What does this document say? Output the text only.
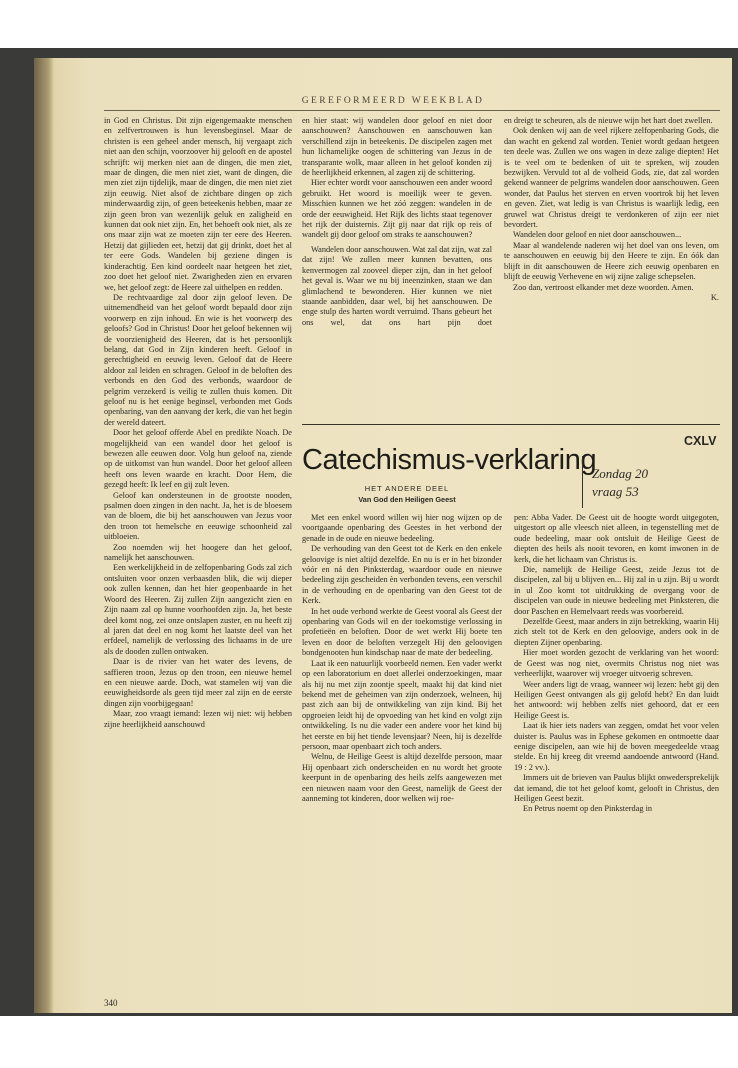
GEREFORMEERD WEEKBLAD

in God en Christus. Dit zijn eigengemaakte menschen en zelfvertrouwen is hun levensbeginsel. Maar de christen is een geheel ander mensch, hij vergaapt zich niet aan den schijn, voorzoover hij gelooft en de apostel schrijft: wij merken niet aan de dingen, die men ziet, maar de dingen, die men niet ziet, want de dingen, die men ziet zijn tijdelijk, maar de dingen, die men niet ziet zijn eeuwig. Niet alsof de zichtbare dingen op zich minderwaardig zijn, of geen beteekenis hebben, maar ze zijn geen bron van wezenlijk geluk en zaligheid en kunnen dat ook niet zijn. En, het behoeft ook niet, als ze ons maar zijn wat ze moeten zijn ter eere des Heeren. Hetzij dat gijlieden eet, hetzij dat gij drinkt, doet het al ter eere Gods. Wandelen bij geziene dingen is kinderachtig. Een kind oordeelt naar hetgeen het ziet, zoo doet het geloof niet. Zwarigheden zien en ervaren we, het geloof zegt: de Heere zal uithelpen en redden.

De rechtvaardige zal door zijn geloof leven. De uitnemendheid van het geloof wordt bepaald door zijn voorwerp en zijn inhoud. En wie is het voorwerp des geloofs? God in Christus! Door het geloof bekennen wij de voorzienigheid des Heeren, dat is het persoonlijk belang, dat God in Zijn kinderen heeft. Geloof in gerechtigheid en eeuwig leven. Geloof dat de Heere aldoor zal leiden en schragen. Geloof in de beloften des verbonds en den God des verbonds, waardoor de pelgrim verzekerd is veilig te zullen thuis komen. Dit geloof nu is het eenige beginsel, verbonden met Gods openbaring, van den aanvang der kerk, die van het begin der wereld dateert.

Door het geloof offerde Abel en predikte Noach. De mogelijkheid van een wandel door het geloof is bewezen alle eeuwen door. Volg hun geloof na, ziende op de uitkomst van hun wandel. Door het geloof alleen heeft ons leven waarde en kracht. Door Hem, die gezegd heeft: Ik leef en gij zult leven.

Geloof kan ondersteunen in de grootste nooden, psalmen doen zingen in den nacht. Ja, het is de bloesem van de bloem, die bij het aanschouwen van Jezus voor den troon tot hemelsche en eeuwige schoonheid zal uitbloeien.

Zoo noemden wij het hoogere dan het geloof, namelijk het aanschouwen.

Een werkelijkheid in de zelfopenbaring Gods zal zich ontsluiten voor onzen verbaasden blik, die wij dieper ook zullen kennen, dan het hier geopenbaarde in het Woord des Heeren. Zij zullen Zijn aangezicht zien en Zijn naam zal op hunne voorhoofden zijn. Ja, het beste deel komt nog, zei onze ontslapen zuster, en nu heeft zij al jaren dat deel en nog komt het laatste deel van het erfdeel, namelijk de verlossing des lichaams in de ure als de dooden zullen ontwaken.

Daar is de rivier van het water des levens, de saffieren troon, Jezus op den troon, een nieuwe hemel en een nieuwe aarde. Doch, wat stamelen wij van die eeuwigheidsorde als geen tijd meer zal zijn en de eerste dingen zijn voorbijgegaan!

Maar, zoo vraagt iemand: lezen wij niet: wij hebben zijne heerlijkheid aanschouwd

en hier staat: wij wandelen door geloof en niet door aanschouwen? Aanschouwen en aanschouwen kan verschillend zijn in beteekenis. De discipelen zagen met hun lichamelijke oogen de schittering van Jezus in de transparante wolk, maar alleen in het geloof konden zij de heerlijkheid erkennen, al zagen zij de schittering.

Hier echter wordt voor aanschouwen een ander woord gebruikt. Het woord is moeilijk weer te geven. Misschien kunnen we het zóó zeggen: wandelen in de orde der eeuwigheid. Het Rijk des lichts staat tegenover het rijk der duisternis. Zijt gij naar dat rijk op reis of wandelt gij door geloof om straks te aanschouwen?

Wandelen door aanschouwen. Wat zal dat zijn, wat zal dat zijn! We zullen meer kunnen bevatten, ons kenvermogen zal zooveel dieper zijn, dan in het geloof het geval is. Waar we nu bij ineenzinken, staan we dan glimlachend te bewonderen. Hier kunnen we niet staande aanbidden, daar wel, bij het aanschouwen. De enge stulp des harten wordt verruimd. Thans gebeurt het ons wel, dat ons hart pijn doet

en dreigt te scheuren, als de nieuwe wijn het hart doet zwellen.

Ook denken wij aan de veel rijkere zelfopenbaring Gods, die dan wacht en gekend zal worden. Teniet wordt gedaan hetgeen ten deele was. Zullen we ons wagen in deze zalige diepten! Het is te veel om te bedenken of uit te spreken, wij zouden bezwijken. Vervuld tot al de volheid Gods, zie, dat zal worden gekend wanneer de pelgrims wandelen door aanschouwen. Geen wonder, dat Paulus het sterven en erven voortrok bij het leven en geven. Ziet, wat ledig is van Christus is waarlijk ledig, een gruwel wat Christus dreigt te verdonkeren of zijn eer niet bevordert.

Wandelen door geloof en niet door aanschouwen...

Maar al wandelende naderen wij het doel van ons leven, om te aanschouwen en eeuwig bij den Heere te zijn. En óók dan blijft in dit aanschouwen de Heere zich eeuwig openbaren en blijft de eeuwig Verhevene en wij zijne zalige schepselen.

Zoo dan, vertroost elkander met deze woorden. Amen.

K.
CXLV
Catechismus-verklaring
HET ANDERE DEEL
Van God den Heiligen Geest
Zondag 20
vraag 53

Met een enkel woord willen wij hier nog wijzen op de voortgaande openbaring des Geestes in het verbond der genade in de oude en nieuwe bedeeling.

De verhouding van den Geest tot de Kerk en den enkele geloovige is niet altijd dezelfde. En nu is er in het bizonder vóór en ná den Pinksterdag, waardoor oude en nieuwe bedeeling zijn gescheiden èn verbonden tevens, een verschil in de verhouding en de openbaring van den Geest tot de Kerk.

In het oude verbond werkte de Geest vooral als Geest der openbaring van Gods wil en der toekomstige verlossing in profetieën en beloften. Door de wet werkt Hij boete ten leven en door de beloften verzegelt Hij den geloovigen bondgenooten hun kindschap naar de mate der bedeeling.

Laat ik een natuurlijk voorbeeld nemen. Een vader werkt op een laboratorium en doet allerlei onderzoekingen, maar als hij nu met zijn zoontje speelt, maakt hij dat kind niet bekend met de geheimen van zijn onderzoek, welneen, hij past zich aan bij de ontwikkeling van zijn kind. Bij het opgroeien leidt hij de opvoeding van het kind en volgt zijn ontwikkeling. Is nu die vader een andere voor het kind bij het eerste en bij het tiende levensjaar? Neen, hij is dezelfde persoon, maar openbaart zich toch anders.

Welnu, de Heilige Geest is altijd dezelfde persoon, maar Hij openbaart zich onderscheiden en nu wordt het groote keerpunt in de openbaring des heils zelfs aangewezen met een nieuwen naam voor den Geest, namelijk de Geest der aanneming tot kinderen, door welken wij roe-

pen: Abba Vader. De Geest uit de hoogte wordt uitgegoten, uitgestort op alle vleesch niet alleen, in tegenstelling met de oude bedeeling, maar ook ontsluit de Heilige Geest de diepten des heils als nooit tevoren, en komt inwonen in de kerk, die het lichaam van Christus is.

Die, namelijk de Heilige Geest, zeide Jezus tot de discipelen, zal bij u blijven en... Hij zal in u zijn. Bij u wordt in ul Zoo komt tot uitdrukking de overgang voor de discipelen van oude in nieuwe bedeeling met Pinksteren, die door Paschen en Hemelvaart reeds was voorbereid.

Dezelfde Geest, maar anders in zijn betrekking, waarin Hij zich stelt tot de Kerk en den geloovige, anders ook in de diepten Zijner openbaring.

Hier moet worden gezocht de verklaring van het woord: de Geest was nog niet, overmits Christus nog niet was verheerlijkt, waarover wij vroeger uitvoerig schreven.

Weer anders ligt de vraag, wanneer wij lezen: hebt gij den Heiligen Geest ontvangen als gij gelofd hebt? En dan luidt het antwoord: wij hebben zelfs niet gehoord, dat er een Heilige Geest is.

Laat ik hier iets naders van zeggen, omdat het voor velen duister is. Paulus was in Ephese gekomen en ontmoette daar eenige discipelen, aan wie hij de boven meegedeelde vraag stelde. En hij kreeg dit vreemd aandoende antwoord (Hand. 19 : 2 vv.).

Immers uit de brieven van Paulus blijkt onwedersprekelijk dat iemand, die tot het geloof komt, gelooft in Christus, den Heiligen Geest bezit.

En Petrus noemt op den Pinksterdag in

340
